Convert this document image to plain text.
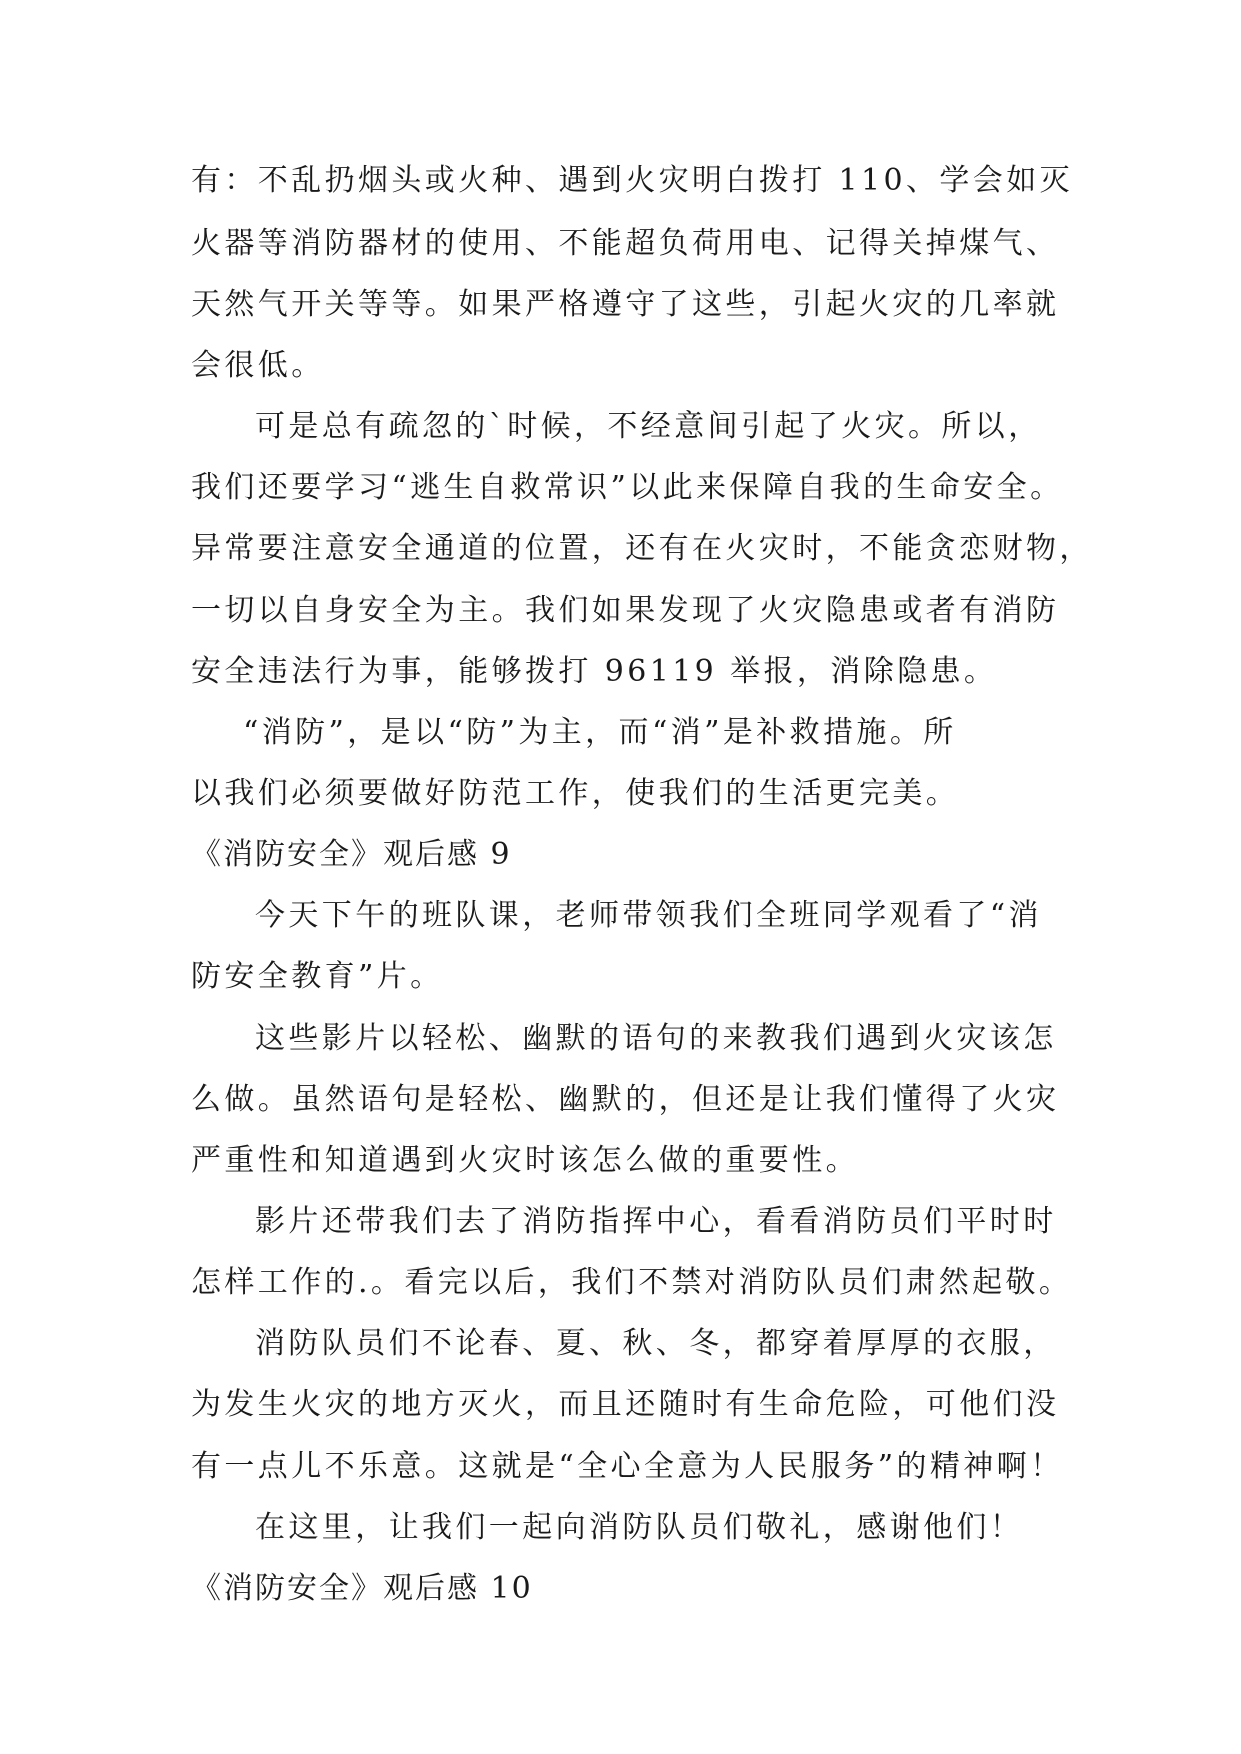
有：不乱扔烟头或火种、遇到火灾明白拨打 110、学会如灭
火器等消防器材的使用、不能超负荷用电、记得关掉煤气、
天然气开关等等。如果严格遵守了这些，引起火灾的几率就
会很低。
可是总有疏忽的`时候，不经意间引起了火灾。所以，
我们还要学习“逃生自救常识”以此来保障自我的生命安全。
异常要注意安全通道的位置，还有在火灾时，不能贪恋财物，
一切以自身安全为主。我们如果发现了火灾隐患或者有消防
安全违法行为事，能够拨打 96119 举报，消除隐患。
“消防”，是以“防”为主，而“消”是补救措施。所
以我们必须要做好防范工作，使我们的生活更完美。
《消防安全》观后感 9
今天下午的班队课，老师带领我们全班同学观看了“消
防安全教育”片。
这些影片以轻松、幽默的语句的来教我们遇到火灾该怎
么做。虽然语句是轻松、幽默的，但还是让我们懂得了火灾
严重性和知道遇到火灾时该怎么做的重要性。
影片还带我们去了消防指挥中心，看看消防员们平时时
怎样工作的.。看完以后，我们不禁对消防队员们肃然起敬。
消防队员们不论春、夏、秋、冬，都穿着厚厚的衣服，
为发生火灾的地方灭火，而且还随时有生命危险，可他们没
有一点儿不乐意。这就是“全心全意为人民服务”的精神啊！
在这里，让我们一起向消防队员们敬礼，感谢他们！
《消防安全》观后感 10
